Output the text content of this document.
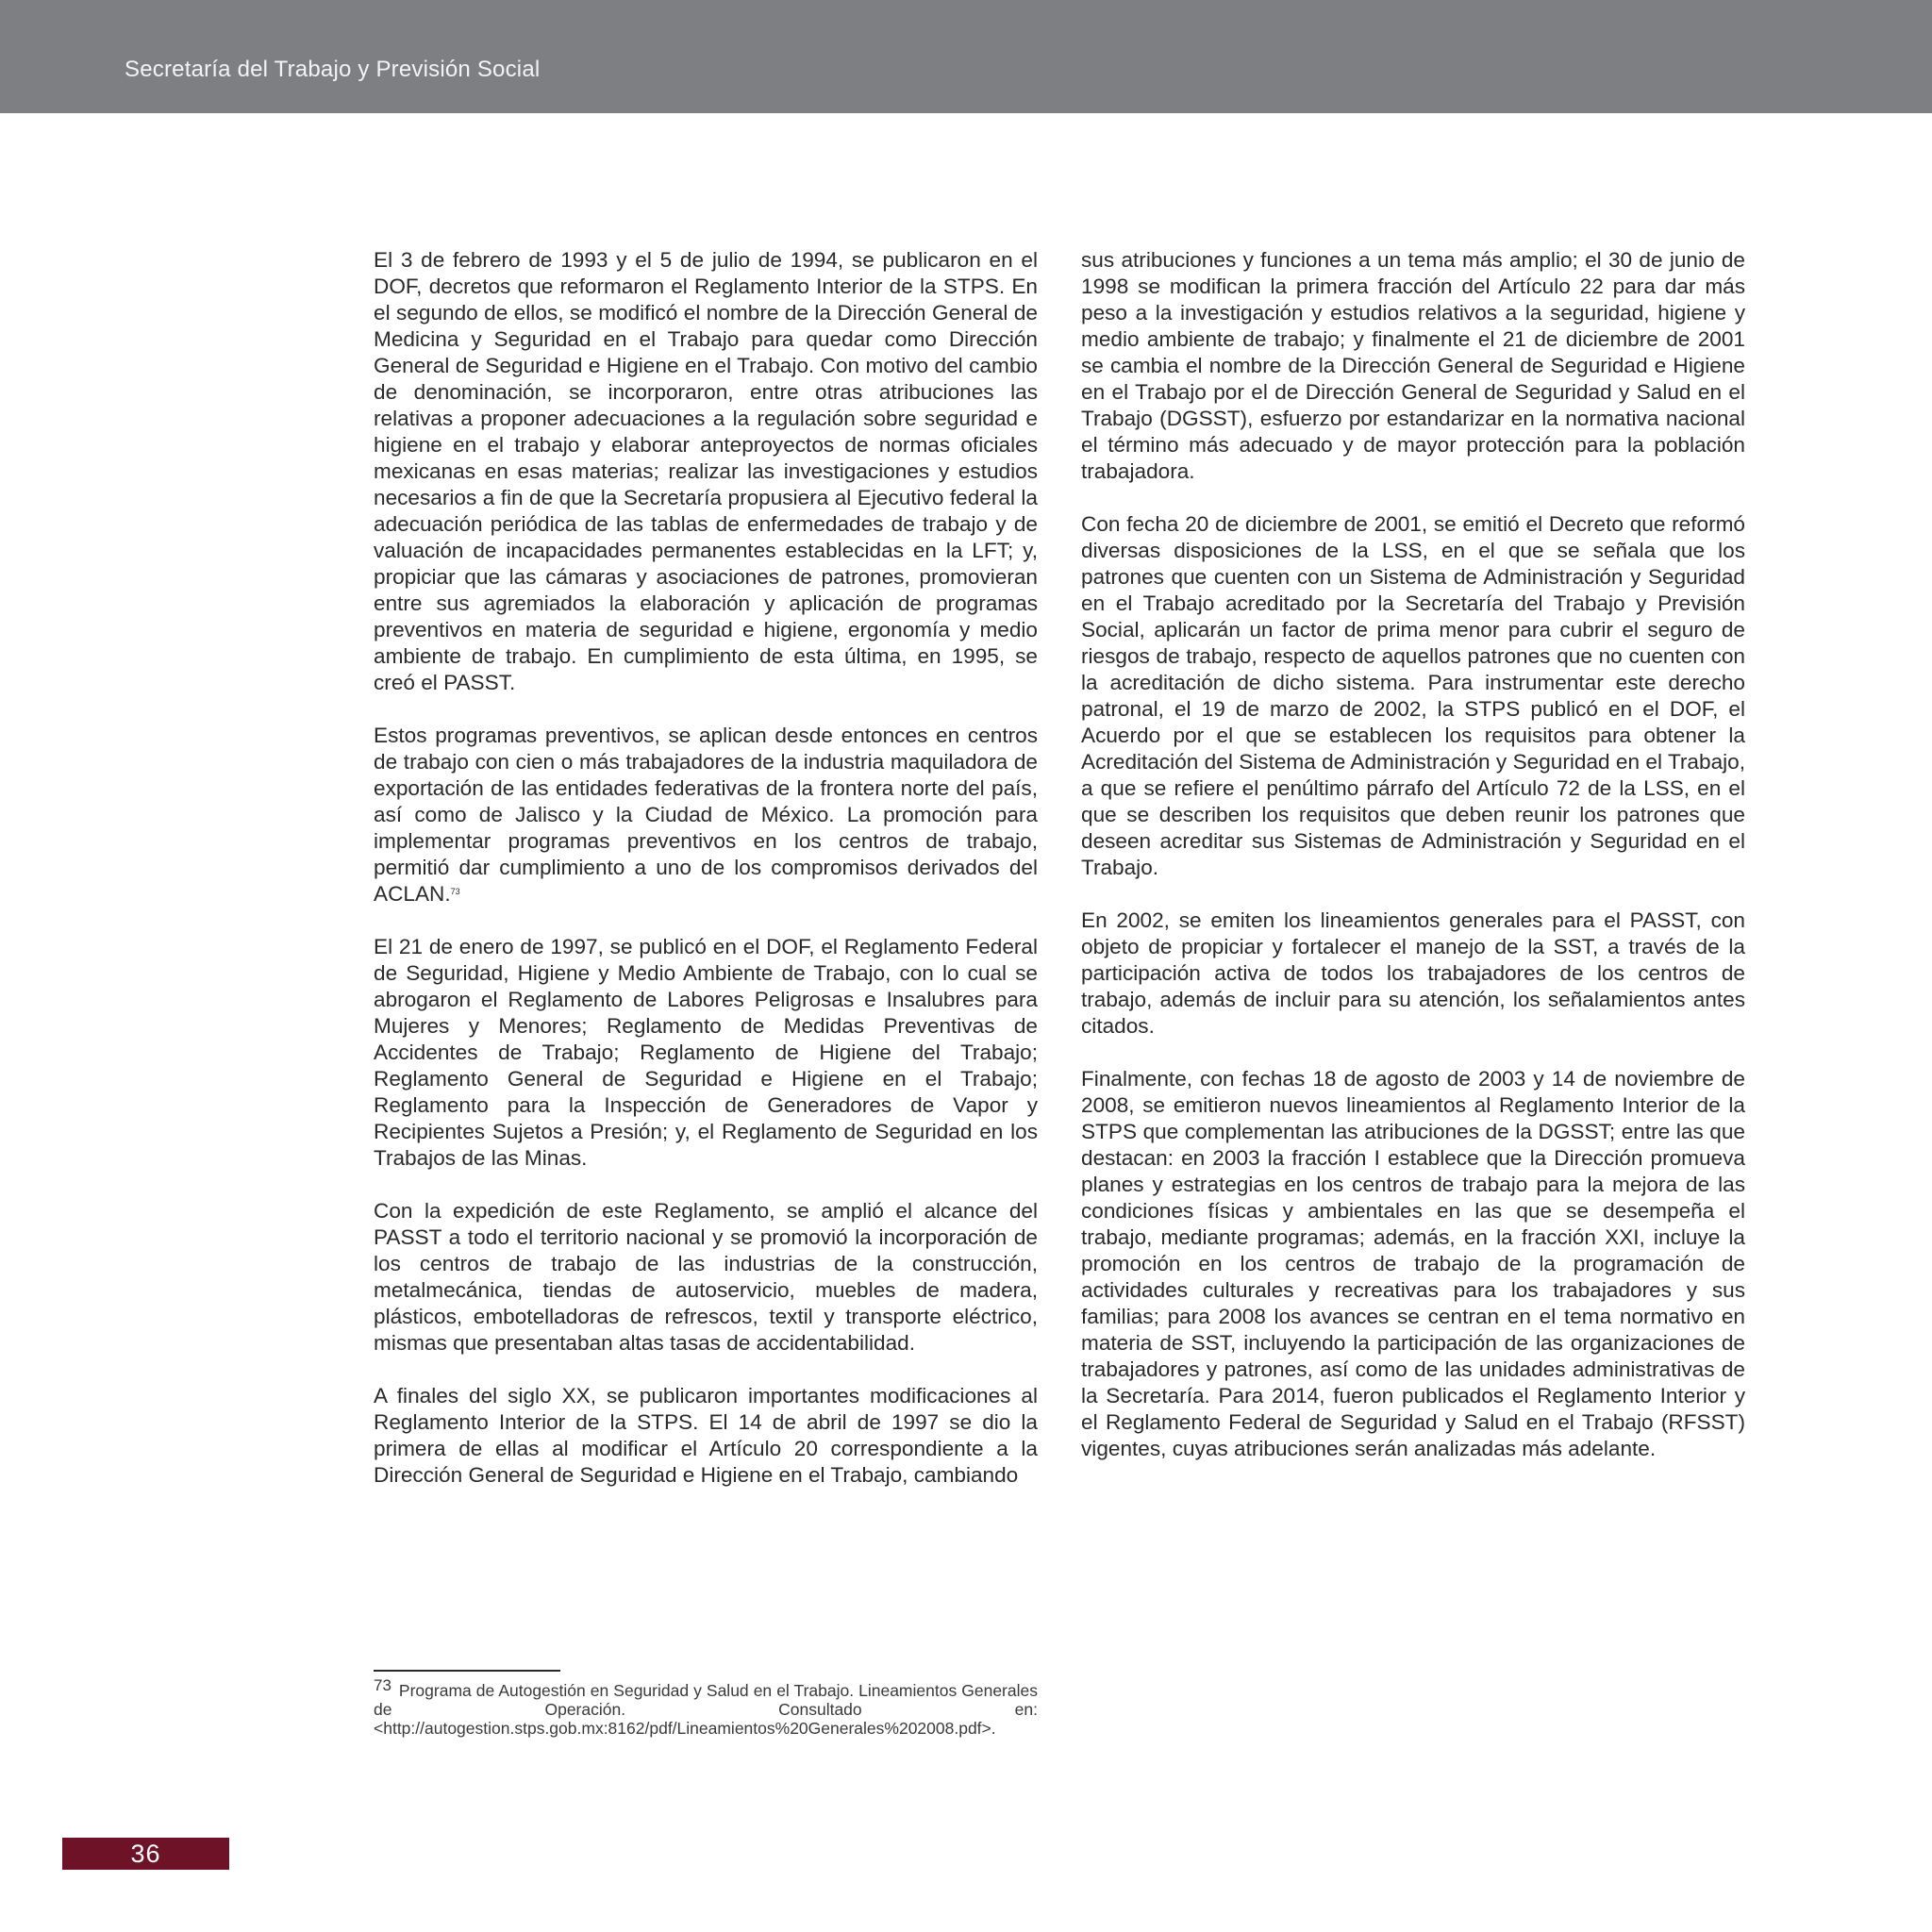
Secretaría del Trabajo y Previsión Social

El 3 de febrero de 1993 y el 5 de julio de 1994, se publicaron en el DOF, decretos que reformaron el Reglamento Interior de la STPS. En el segundo de ellos, se modificó el nombre de la Dirección General de Medicina y Seguridad en el Trabajo para quedar como Dirección General de Seguridad e Higiene en el Trabajo. Con motivo del cambio de denominación, se incorporaron, entre otras atribuciones las relativas a proponer adecuaciones a la regulación sobre seguridad e higiene en el trabajo y elaborar anteproyectos de normas oficiales mexicanas en esas materias; realizar las investigaciones y estudios necesarios a fin de que la Secretaría propusiera al Ejecutivo federal la adecuación periódica de las tablas de enfermedades de trabajo y de valuación de incapacidades permanentes establecidas en la LFT; y, propiciar que las cámaras y asociaciones de patrones, promovieran entre sus agremiados la elaboración y aplicación de programas preventivos en materia de seguridad e higiene, ergonomía y medio ambiente de trabajo. En cumplimiento de esta última, en 1995, se creó el PASST.

Estos programas preventivos, se aplican desde entonces en centros de trabajo con cien o más trabajadores de la industria maquiladora de exportación de las entidades federativas de la frontera norte del país, así como de Jalisco y la Ciudad de México. La promoción para implementar programas preventivos en los centros de trabajo, permitió dar cumplimiento a uno de los compromisos derivados del ACLAN.$^{73}$

El 21 de enero de 1997, se publicó en el DOF, el Reglamento Federal de Seguridad, Higiene y Medio Ambiente de Trabajo, con lo cual se abrogaron el Reglamento de Labores Peligrosas e Insalubres para Mujeres y Menores; Reglamento de Medidas Preventivas de Accidentes de Trabajo; Reglamento de Higiene del Trabajo; Reglamento General de Seguridad e Higiene en el Trabajo; Reglamento para la Inspección de Generadores de Vapor y Recipientes Sujetos a Presión; y, el Reglamento de Seguridad en los Trabajos de las Minas.

Con la expedición de este Reglamento, se amplió el alcance del PASST a todo el territorio nacional y se promovió la incorporación de los centros de trabajo de las industrias de la construcción, metalmecánica, tiendas de autoservicio, muebles de madera, plásticos, embotelladoras de refrescos, textil y transporte eléctrico, mismas que presentaban altas tasas de accidentabilidad.

A finales del siglo XX, se publicaron importantes modificaciones al Reglamento Interior de la STPS. El 14 de abril de 1997 se dio la primera de ellas al modificar el Artículo 20 correspondiente a la Dirección General de Seguridad e Higiene en el Trabajo, cambiando

sus atribuciones y funciones a un tema más amplio; el 30 de junio de 1998 se modifican la primera fracción del Artículo 22 para dar más peso a la investigación y estudios relativos a la seguridad, higiene y medio ambiente de trabajo; y finalmente el 21 de diciembre de 2001 se cambia el nombre de la Dirección General de Seguridad e Higiene en el Trabajo por el de Dirección General de Seguridad y Salud en el Trabajo (DGSST), esfuerzo por estandarizar en la normativa nacional el término más adecuado y de mayor protección para la población trabajadora.

Con fecha 20 de diciembre de 2001, se emitió el Decreto que reformó diversas disposiciones de la LSS, en el que se señala que los patrones que cuenten con un Sistema de Administración y Seguridad en el Trabajo acreditado por la Secretaría del Trabajo y Previsión Social, aplicarán un factor de prima menor para cubrir el seguro de riesgos de trabajo, respecto de aquellos patrones que no cuenten con la acreditación de dicho sistema. Para instrumentar este derecho patronal, el 19 de marzo de 2002, la STPS publicó en el DOF, el Acuerdo por el que se establecen los requisitos para obtener la Acreditación del Sistema de Administración y Seguridad en el Trabajo, a que se refiere el penúltimo párrafo del Artículo 72 de la LSS, en el que se describen los requisitos que deben reunir los patrones que deseen acreditar sus Sistemas de Administración y Seguridad en el Trabajo.

En 2002, se emiten los lineamientos generales para el PASST, con objeto de propiciar y fortalecer el manejo de la SST, a través de la participación activa de todos los trabajadores de los centros de trabajo, además de incluir para su atención, los señalamientos antes citados.

Finalmente, con fechas 18 de agosto de 2003 y 14 de noviembre de 2008, se emitieron nuevos lineamientos al Reglamento Interior de la STPS que complementan las atribuciones de la DGSST; entre las que destacan: en 2003 la fracción I establece que la Dirección promueva planes y estrategias en los centros de trabajo para la mejora de las condiciones físicas y ambientales en las que se desempeña el trabajo, mediante programas; además, en la fracción XXI, incluye la promoción en los centros de trabajo de la programación de actividades culturales y recreativas para los trabajadores y sus familias; para 2008 los avances se centran en el tema normativo en materia de SST, incluyendo la participación de las organizaciones de trabajadores y patrones, así como de las unidades administrativas de la Secretaría. Para 2014, fueron publicados el Reglamento Interior y el Reglamento Federal de Seguridad y Salud en el Trabajo (RFSST) vigentes, cuyas atribuciones serán analizadas más adelante.

73 Programa de Autogestión en Seguridad y Salud en el Trabajo. Lineamientos Generales de Operación. Consultado en: <http://autogestion.stps.gob.mx:8162/pdf/Lineamientos%20Generales%202008.pdf>.
36
